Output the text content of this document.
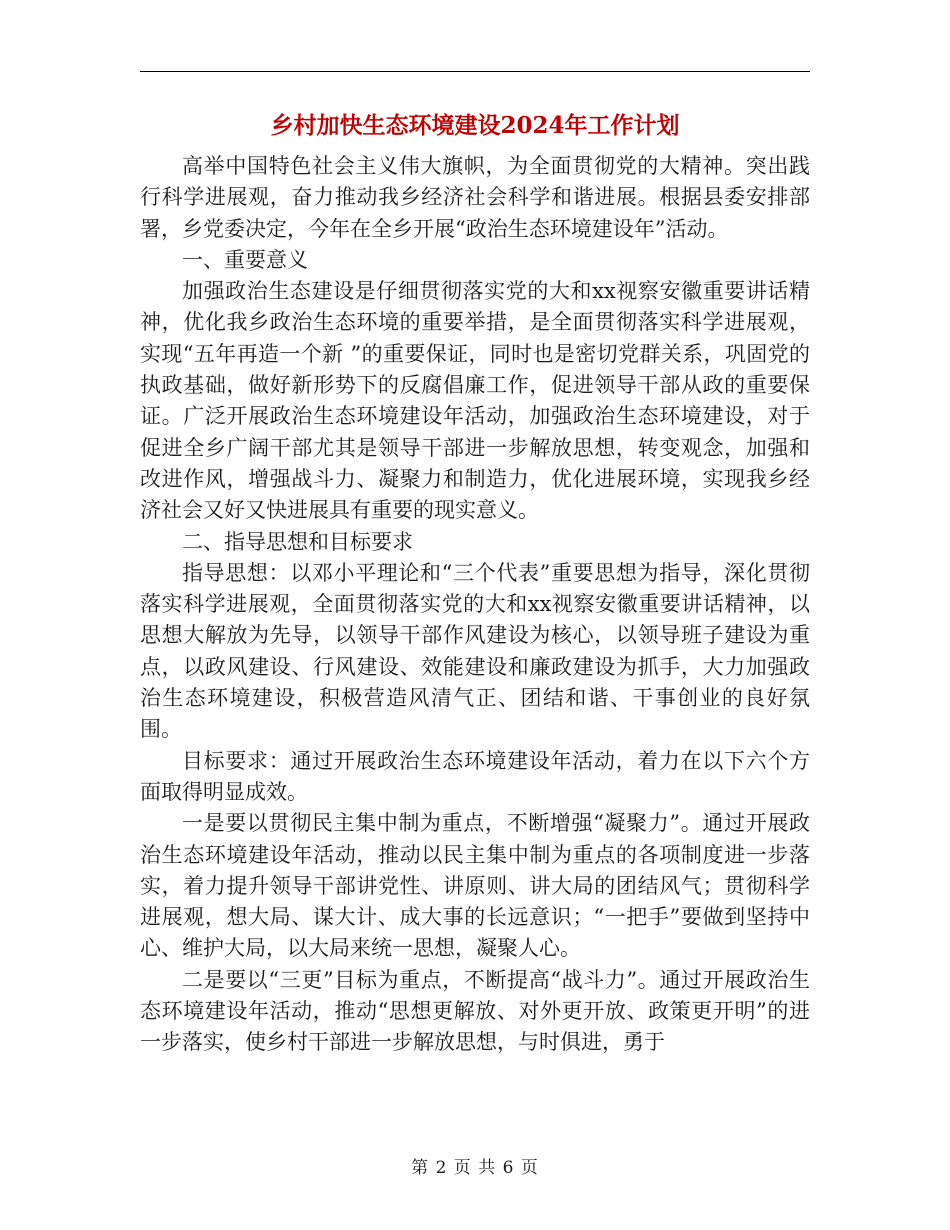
乡村加快生态环境建设2024年工作计划

高举中国特色社会主义伟大旗帜，为全面贯彻党的大精神。突出践行科学进展观，奋力推动我乡经济社会科学和谐进展。根据县委安排部署，乡党委决定，今年在全乡开展“政治生态环境建设年”活动。

一、重要意义

加强政治生态建设是仔细贯彻落实党的大和xx视察安徽重要讲话精神，优化我乡政治生态环境的重要举措，是全面贯彻落实科学进展观，实现“五年再造一个新 ”的重要保证，同时也是密切党群关系，巩固党的执政基础，做好新形势下的反腐倡廉工作，促进领导干部从政的重要保证。广泛开展政治生态环境建设年活动，加强政治生态环境建设，对于促进全乡广阔干部尤其是领导干部进一步解放思想，转变观念，加强和改进作风，增强战斗力、凝聚力和制造力，优化进展环境，实现我乡经济社会又好又快进展具有重要的现实意义。

二、指导思想和目标要求

指导思想：以邓小平理论和“三个代表”重要思想为指导，深化贯彻落实科学进展观，全面贯彻落实党的大和xx视察安徽重要讲话精神，以思想大解放为先导，以领导干部作风建设为核心，以领导班子建设为重点，以政风建设、行风建设、效能建设和廉政建设为抓手，大力加强政治生态环境建设，积极营造风清气正、团结和谐、干事创业的良好氛围。

目标要求：通过开展政治生态环境建设年活动，着力在以下六个方面取得明显成效。

一是要以贯彻民主集中制为重点，不断增强“凝聚力”。通过开展政治生态环境建设年活动，推动以民主集中制为重点的各项制度进一步落实，着力提升领导干部讲党性、讲原则、讲大局的团结风气；贯彻科学进展观，想大局、谋大计、成大事的长远意识；“一把手”要做到坚持中心、维护大局，以大局来统一思想，凝聚人心。

二是要以“三更”目标为重点，不断提高“战斗力”。通过开展政治生态环境建设年活动，推动“思想更解放、对外更开放、政策更开明”的进一步落实，使乡村干部进一步解放思想，与时俱进，勇于

第 2 页 共 6 页
